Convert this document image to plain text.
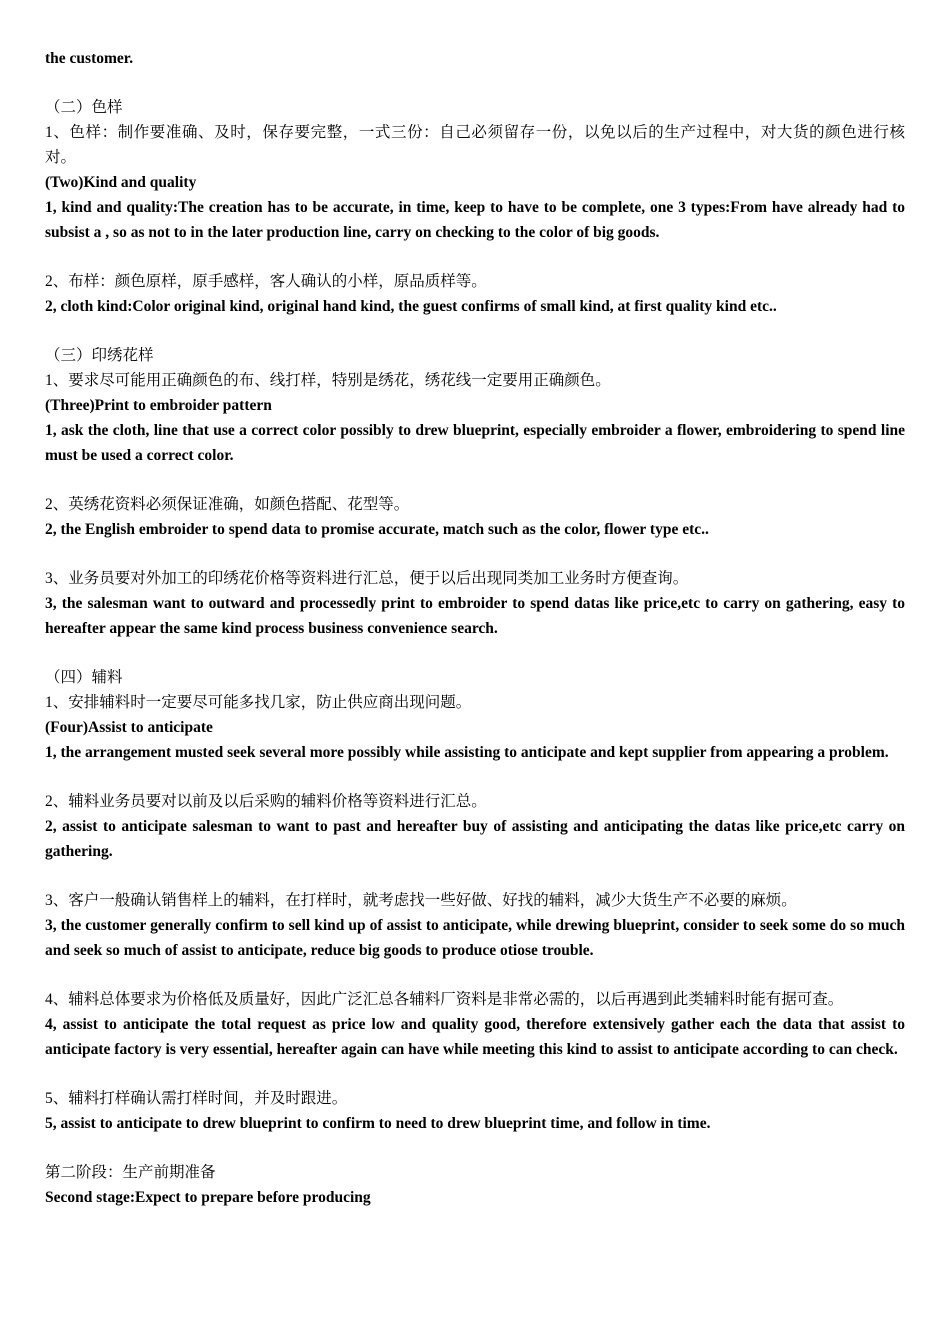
the customer.
（二）色样
1、色样：制作要准确、及时，保存要完整，一式三份：自己必须留存一份，以免以后的生产过程中，对大货的颜色进行核对。
(Two)Kind and quality
1, kind and quality:The creation has to be accurate, in time, keep to have to be complete, one 3 types:From have already had to subsist a , so as not to in the later production line, carry on checking to the color of big goods.
2、布样：颜色原样，原手感样，客人确认的小样，原品质样等。
2, cloth kind:Color original kind, original hand kind, the guest confirms of small kind, at first quality kind etc..
（三）印绣花样
1、要求尽可能用正确颜色的布、线打样，特别是绣花，绣花线一定要用正确颜色。
(Three)Print to embroider pattern
1, ask the cloth, line that use a correct color possibly to drew blueprint, especially embroider a flower, embroidering to spend line must be used a correct color.
2、英绣花资料必须保证准确，如颜色搭配、花型等。
2, the English embroider to spend data to promise accurate, match such as the color, flower type etc..
3、业务员要对外加工的印绣花价格等资料进行汇总，便于以后出现同类加工业务时方便查询。
3, the salesman want to outward and processedly print to embroider to spend datas like price,etc to carry on gathering, easy to hereafter appear the same kind process business convenience search.
（四）辅料
1、安排辅料时一定要尽可能多找几家，防止供应商出现问题。
(Four)Assist to anticipate
1, the arrangement musted seek several more possibly while assisting to anticipate and kept supplier from appearing a problem.
2、辅料业务员要对以前及以后采购的辅料价格等资料进行汇总。
2, assist to anticipate salesman to want to past and hereafter buy of assisting and anticipating the datas like price,etc carry on gathering.
3、客户一般确认销售样上的辅料，在打样时，就考虑找一些好做、好找的辅料，减少大货生产不必要的麻烦。
3, the customer generally confirm to sell kind up of assist to anticipate, while drewing blueprint, consider to seek some do so much and seek so much of assist to anticipate, reduce big goods to produce otiose trouble.
4、辅料总体要求为价格低及质量好，因此广泛汇总各辅料厂资料是非常必需的，以后再遇到此类辅料时能有据可查。
4, assist to anticipate the total request as price low and quality good, therefore extensively gather each the data that assist to anticipate factory is very essential, hereafter again can have while meeting this kind to assist to anticipate according to can check.
5、辅料打样确认需打样时间，并及时跟进。
5, assist to anticipate to drew blueprint to confirm to need to drew blueprint time, and follow in time.
第二阶段：生产前期准备
Second stage:Expect to prepare before producing
